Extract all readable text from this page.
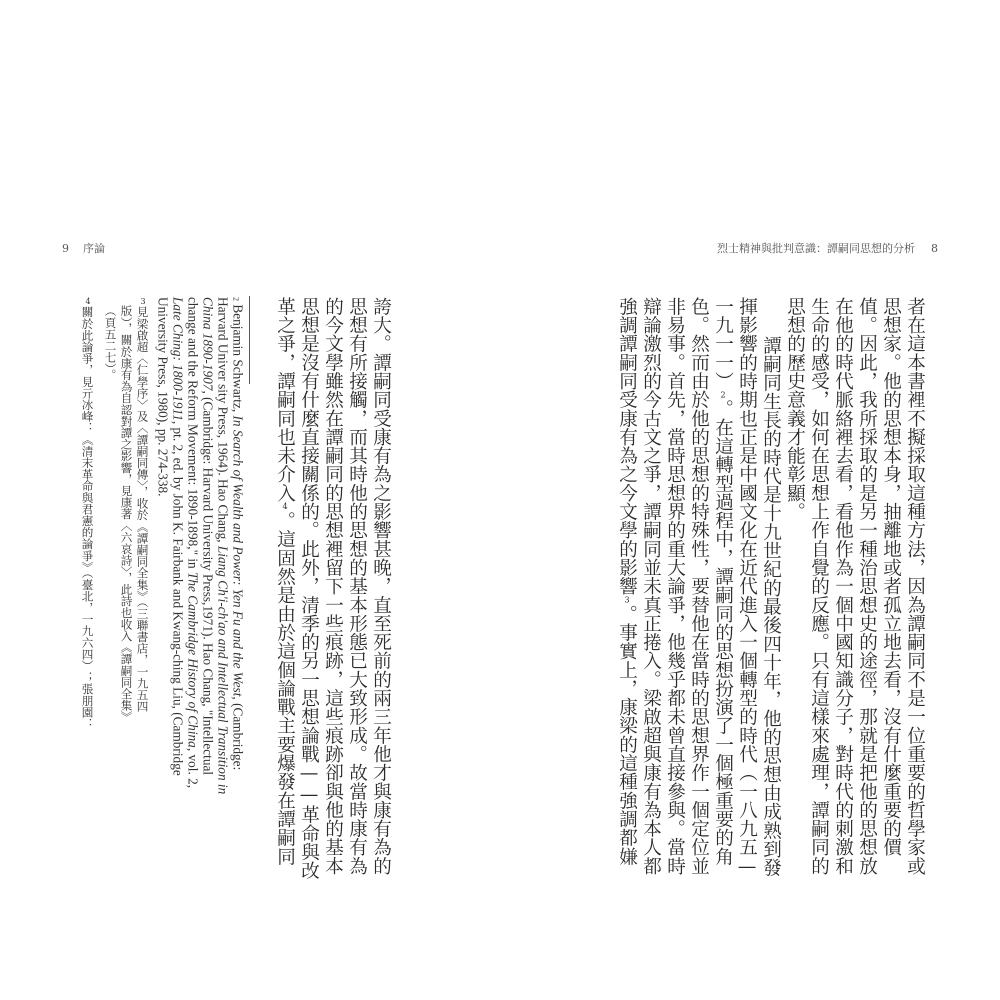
9 序論	烈士精神與批判意識：譚嗣同思想的分析 8
者在這本書裡不擬採取這種方法，因為譚嗣同不是一位重要的哲學家或
思想家。他的思想本身，抽離地或者孤立地去看，沒有什麼重要的價
值。因此，我所採取的是另一種治思想史的途徑，那就是把他的思想放
在他的時代脈絡裡去看，看他作為一個中國知識分子，對時代的刺激和
生命的感受，如何在思想上作自覺的反應。只有這樣來處理，譚嗣同的
思想的歷史意義才能彰顯。
譚嗣同生長的時代是十九世紀的最後四十年，他的思想由成熟到發
揮影響的時期也正是中國文化在近代進入一個轉型的時代（一八九五—
一九一一）2。在這轉型過程中，譚嗣同的思想扮演了一個極重要的角
色。然而由於他的思想的特殊性，要替他在當時的思想界作一個定位並
非易事。首先，當時思想界的重大論爭，他幾乎都未曾直接參與。當時
辯論激烈的今古文之爭，譚嗣同並未真正捲入。梁啟超與康有為本人都
強調譚嗣同受康有為之今文學的影響3。事實上，康梁的這種強調都嫌
誇大。譚嗣同受康有為之影響甚晚，直至死前的兩三年他才與康有為的
思想有所接觸，而其時他的思想的基本形態已大致形成。故當時康有為
的今文學雖然在譚嗣同的思想裡留下一些痕跡，這些痕跡卻與他的基本
思想是沒有什麼直接關係的。此外，清季的另一思想論戰——革命與改
革之爭，譚嗣同也未介入4。這固然是由於這個論戰主要爆發在譚嗣同
2 Benjamin Schwartz, In Search of Wealth and Power: Yen Fu and the West, (Cambridge:
Harvard Univer sity Press, 1964). Hao Chang, Liang Ch'i-ch'ao and Intellectual Transition in
China 1890-1907, (Cambridge: Harvard University Press,1971). Hao Chang, "Intellectual
change and the Reform Movement: 1890-1898," in The Cambridge History of China, vol. 2,
Late Ching: 1800-1911, pt. 2, ed. by John K. Fairbank and Kwang-ching Liu, (Cambridge
University Press, 1980), pp. 274-338.
3見梁啟超〈仁學序〉及〈譚嗣同傳〉，收於《譚嗣同全集》（三聯書店，一九五四
版），關於康有為自認對譚之影響，見康著〈六哀詩〉，此詩也收入《譚嗣同全集》
（頁五二七）。
4關於此論爭，見亓冰峰：《清末革命與君憲的論爭》（臺北，一九六四）；張朋園：
